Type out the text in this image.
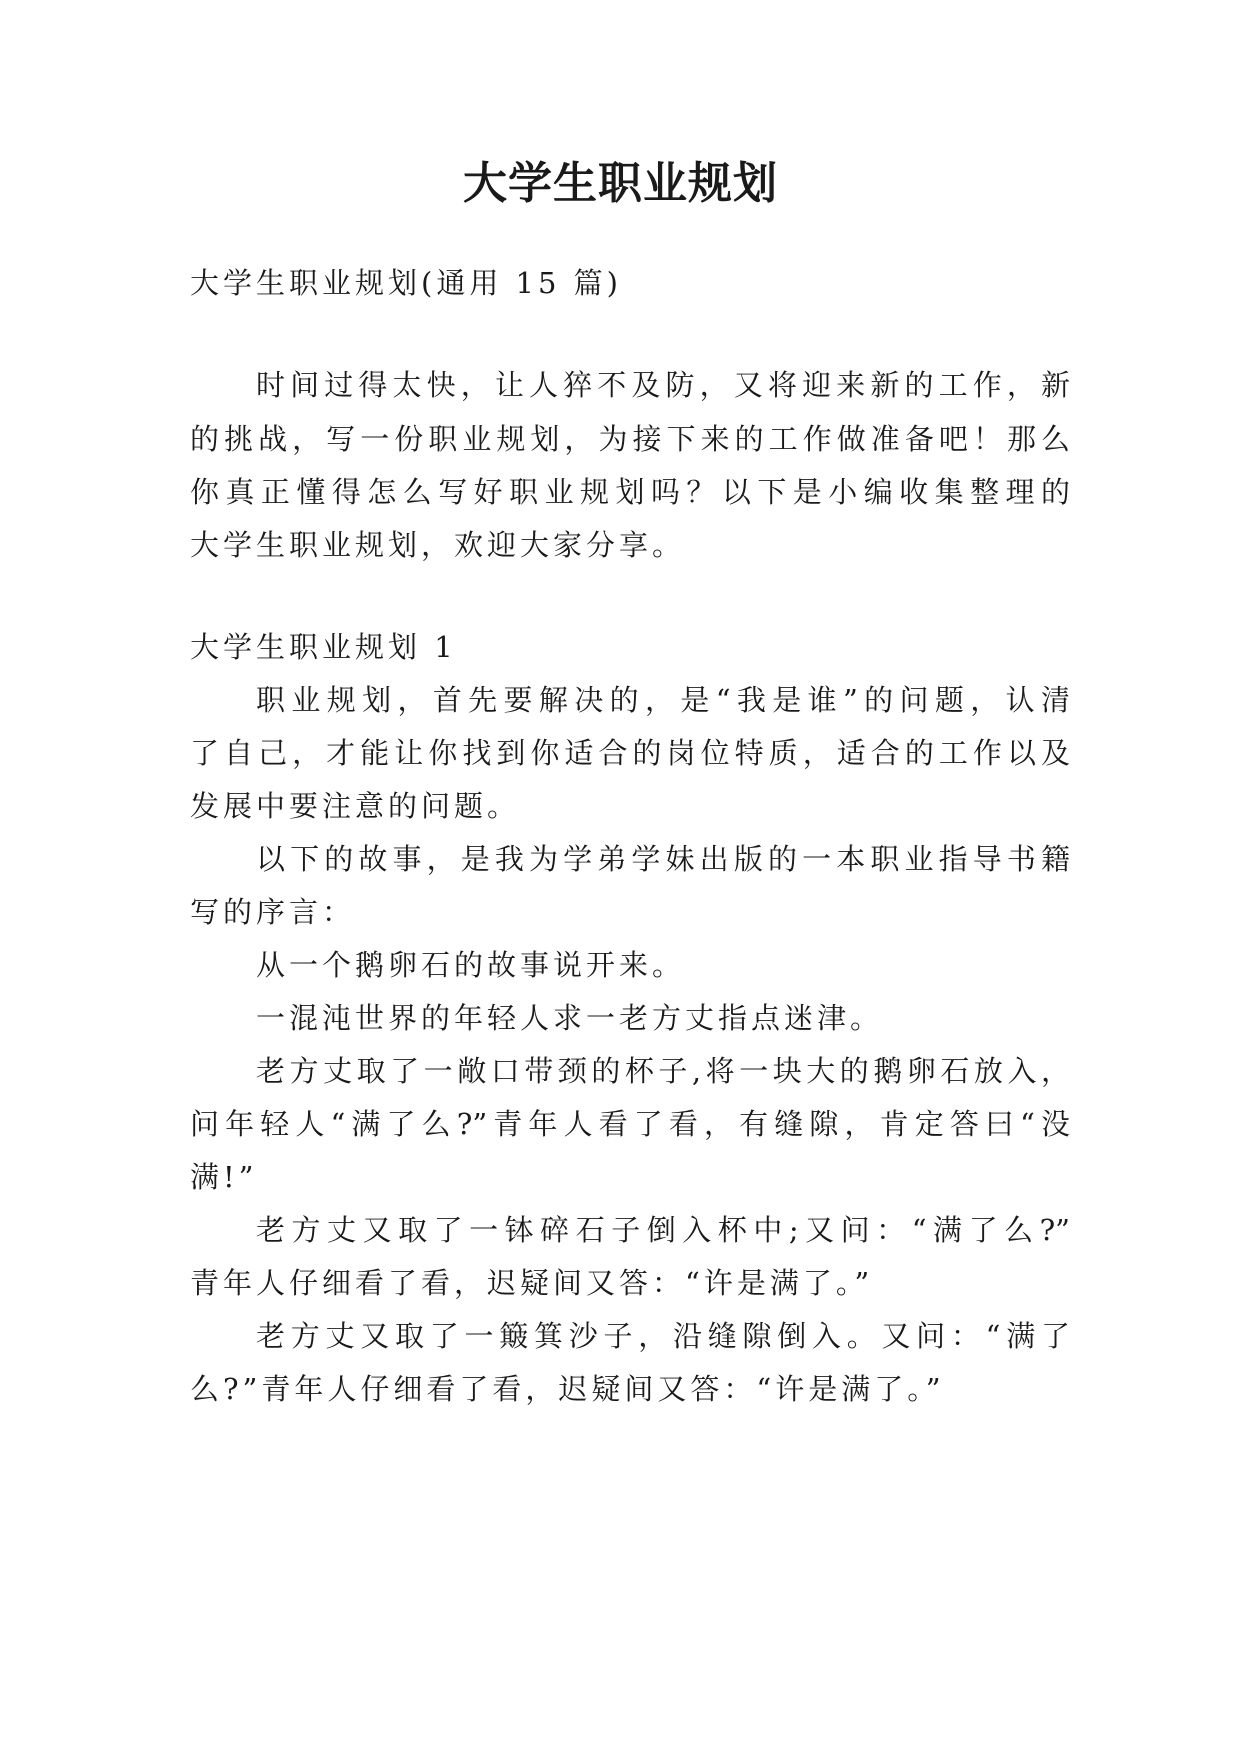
大学生职业规划

大学生职业规划(通用 15 篇)

时间过得太快，让人猝不及防，又将迎来新的工作，新

的挑战，写一份职业规划，为接下来的工作做准备吧！那么

你真正懂得怎么写好职业规划吗？以下是小编收集整理的

大学生职业规划，欢迎大家分享。

大学生职业规划 1

职业规划，首先要解决的，是“我是谁”的问题，认清

了自己，才能让你找到你适合的岗位特质，适合的工作以及

发展中要注意的问题。

以下的故事，是我为学弟学妹出版的一本职业指导书籍

写的序言：

从一个鹅卵石的故事说开来。

一混沌世界的年轻人求一老方丈指点迷津。

老方丈取了一敞口带颈的杯子,将一块大的鹅卵石放入，

问年轻人“满了么?”青年人看了看，有缝隙，肯定答曰“没

满!”

老方丈又取了一钵碎石子倒入杯中;又问：“满了么?”

青年人仔细看了看，迟疑间又答：“许是满了。”

老方丈又取了一簸箕沙子，沿缝隙倒入。又问：“满了

么?”青年人仔细看了看，迟疑间又答：“许是满了。”
